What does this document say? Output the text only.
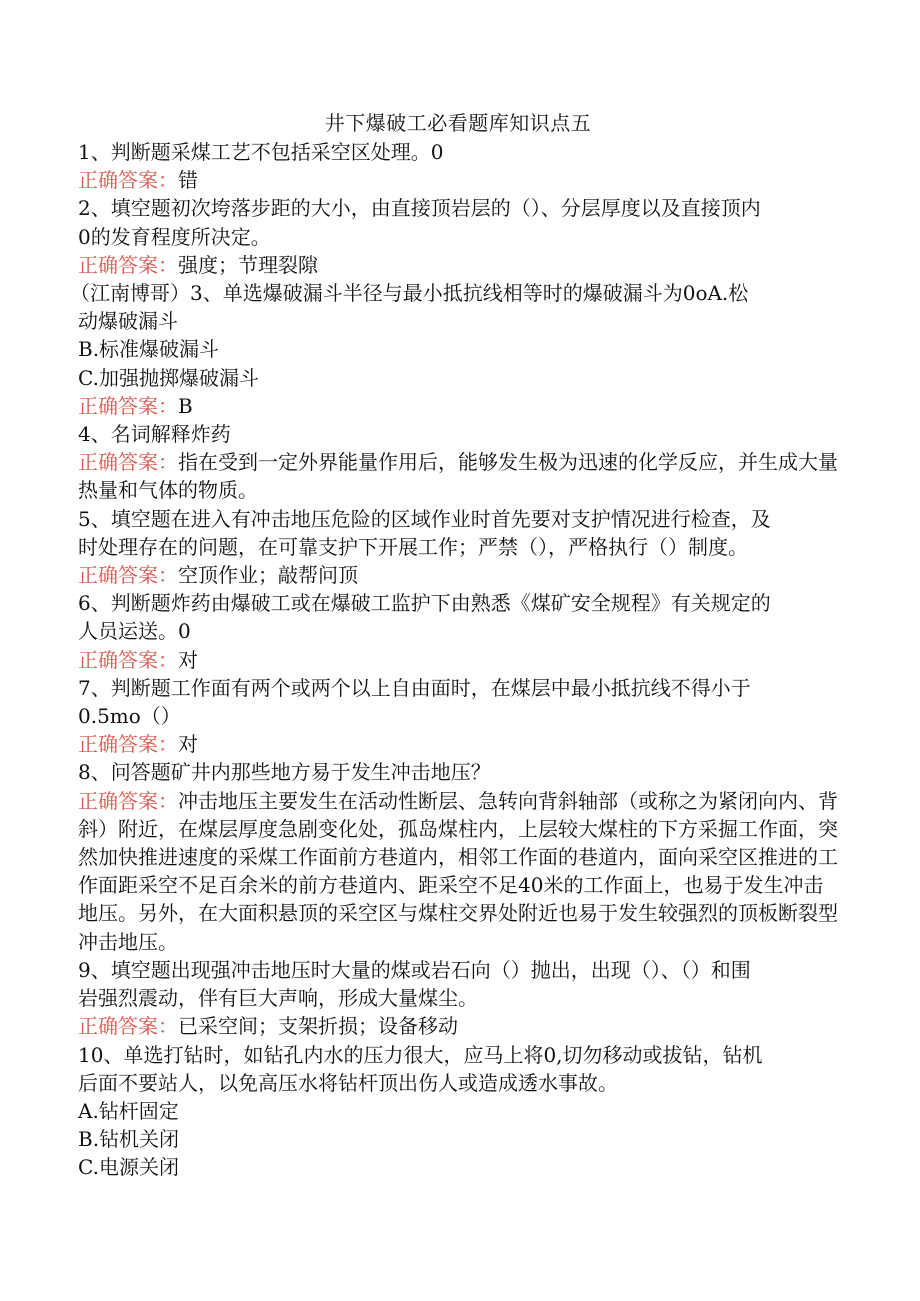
井下爆破工必看题库知识点五
1、判断题采煤工艺不包括采空区处理。0
正确答案：错
2、填空题初次垮落步距的大小，由直接顶岩层的（）、分层厚度以及直接顶内
0的发育程度所决定。
正确答案：强度；节理裂隙
（江南博哥）3、单选爆破漏斗半径与最小抵抗线相等时的爆破漏斗为0oA.松
动爆破漏斗
B.标准爆破漏斗
C.加强抛掷爆破漏斗
正确答案：B
4、名词解释炸药
正确答案：指在受到一定外界能量作用后，能够发生极为迅速的化学反应，并生成大量热量和气体的物质。
5、填空题在进入有冲击地压危险的区域作业时首先要对支护情况进行检查，及
时处理存在的问题，在可靠支护下开展工作；严禁（），严格执行（）制度。
正确答案：空顶作业；敲帮问顶
6、判断题炸药由爆破工或在爆破工监护下由熟悉《煤矿安全规程》有关规定的
人员运送。0
正确答案：对
7、判断题工作面有两个或两个以上自由面时，在煤层中最小抵抗线不得小于
0.5mo（）
正确答案：对
8、问答题矿井内那些地方易于发生冲击地压？
正确答案：冲击地压主要发生在活动性断层、急转向背斜轴部（或称之为紧闭向内、背斜）附近，在煤层厚度急剧变化处，孤岛煤柱内，上层较大煤柱的下方采掘工作面，突然加快推进速度的采煤工作面前方巷道内，相邻工作面的巷道内，面向采空区推进的工作面距采空不足百余米的前方巷道内、距采空不足40米的工作面上，也易于发生冲击地压。另外，在大面积悬顶的采空区与煤柱交界处附近也易于发生较强烈的顶板断裂型冲击地压。
9、填空题出现强冲击地压时大量的煤或岩石向（）抛出，出现（）、（）和围
岩强烈震动，伴有巨大声响，形成大量煤尘。
正确答案：已采空间；支架折损；设备移动
10、单选打钻时，如钻孔内水的压力很大，应马上将0,切勿移动或拔钻，钻机
后面不要站人，以免高压水将钻杆顶出伤人或造成透水事故。
A.钻杆固定
B.钻机关闭
C.电源关闭
